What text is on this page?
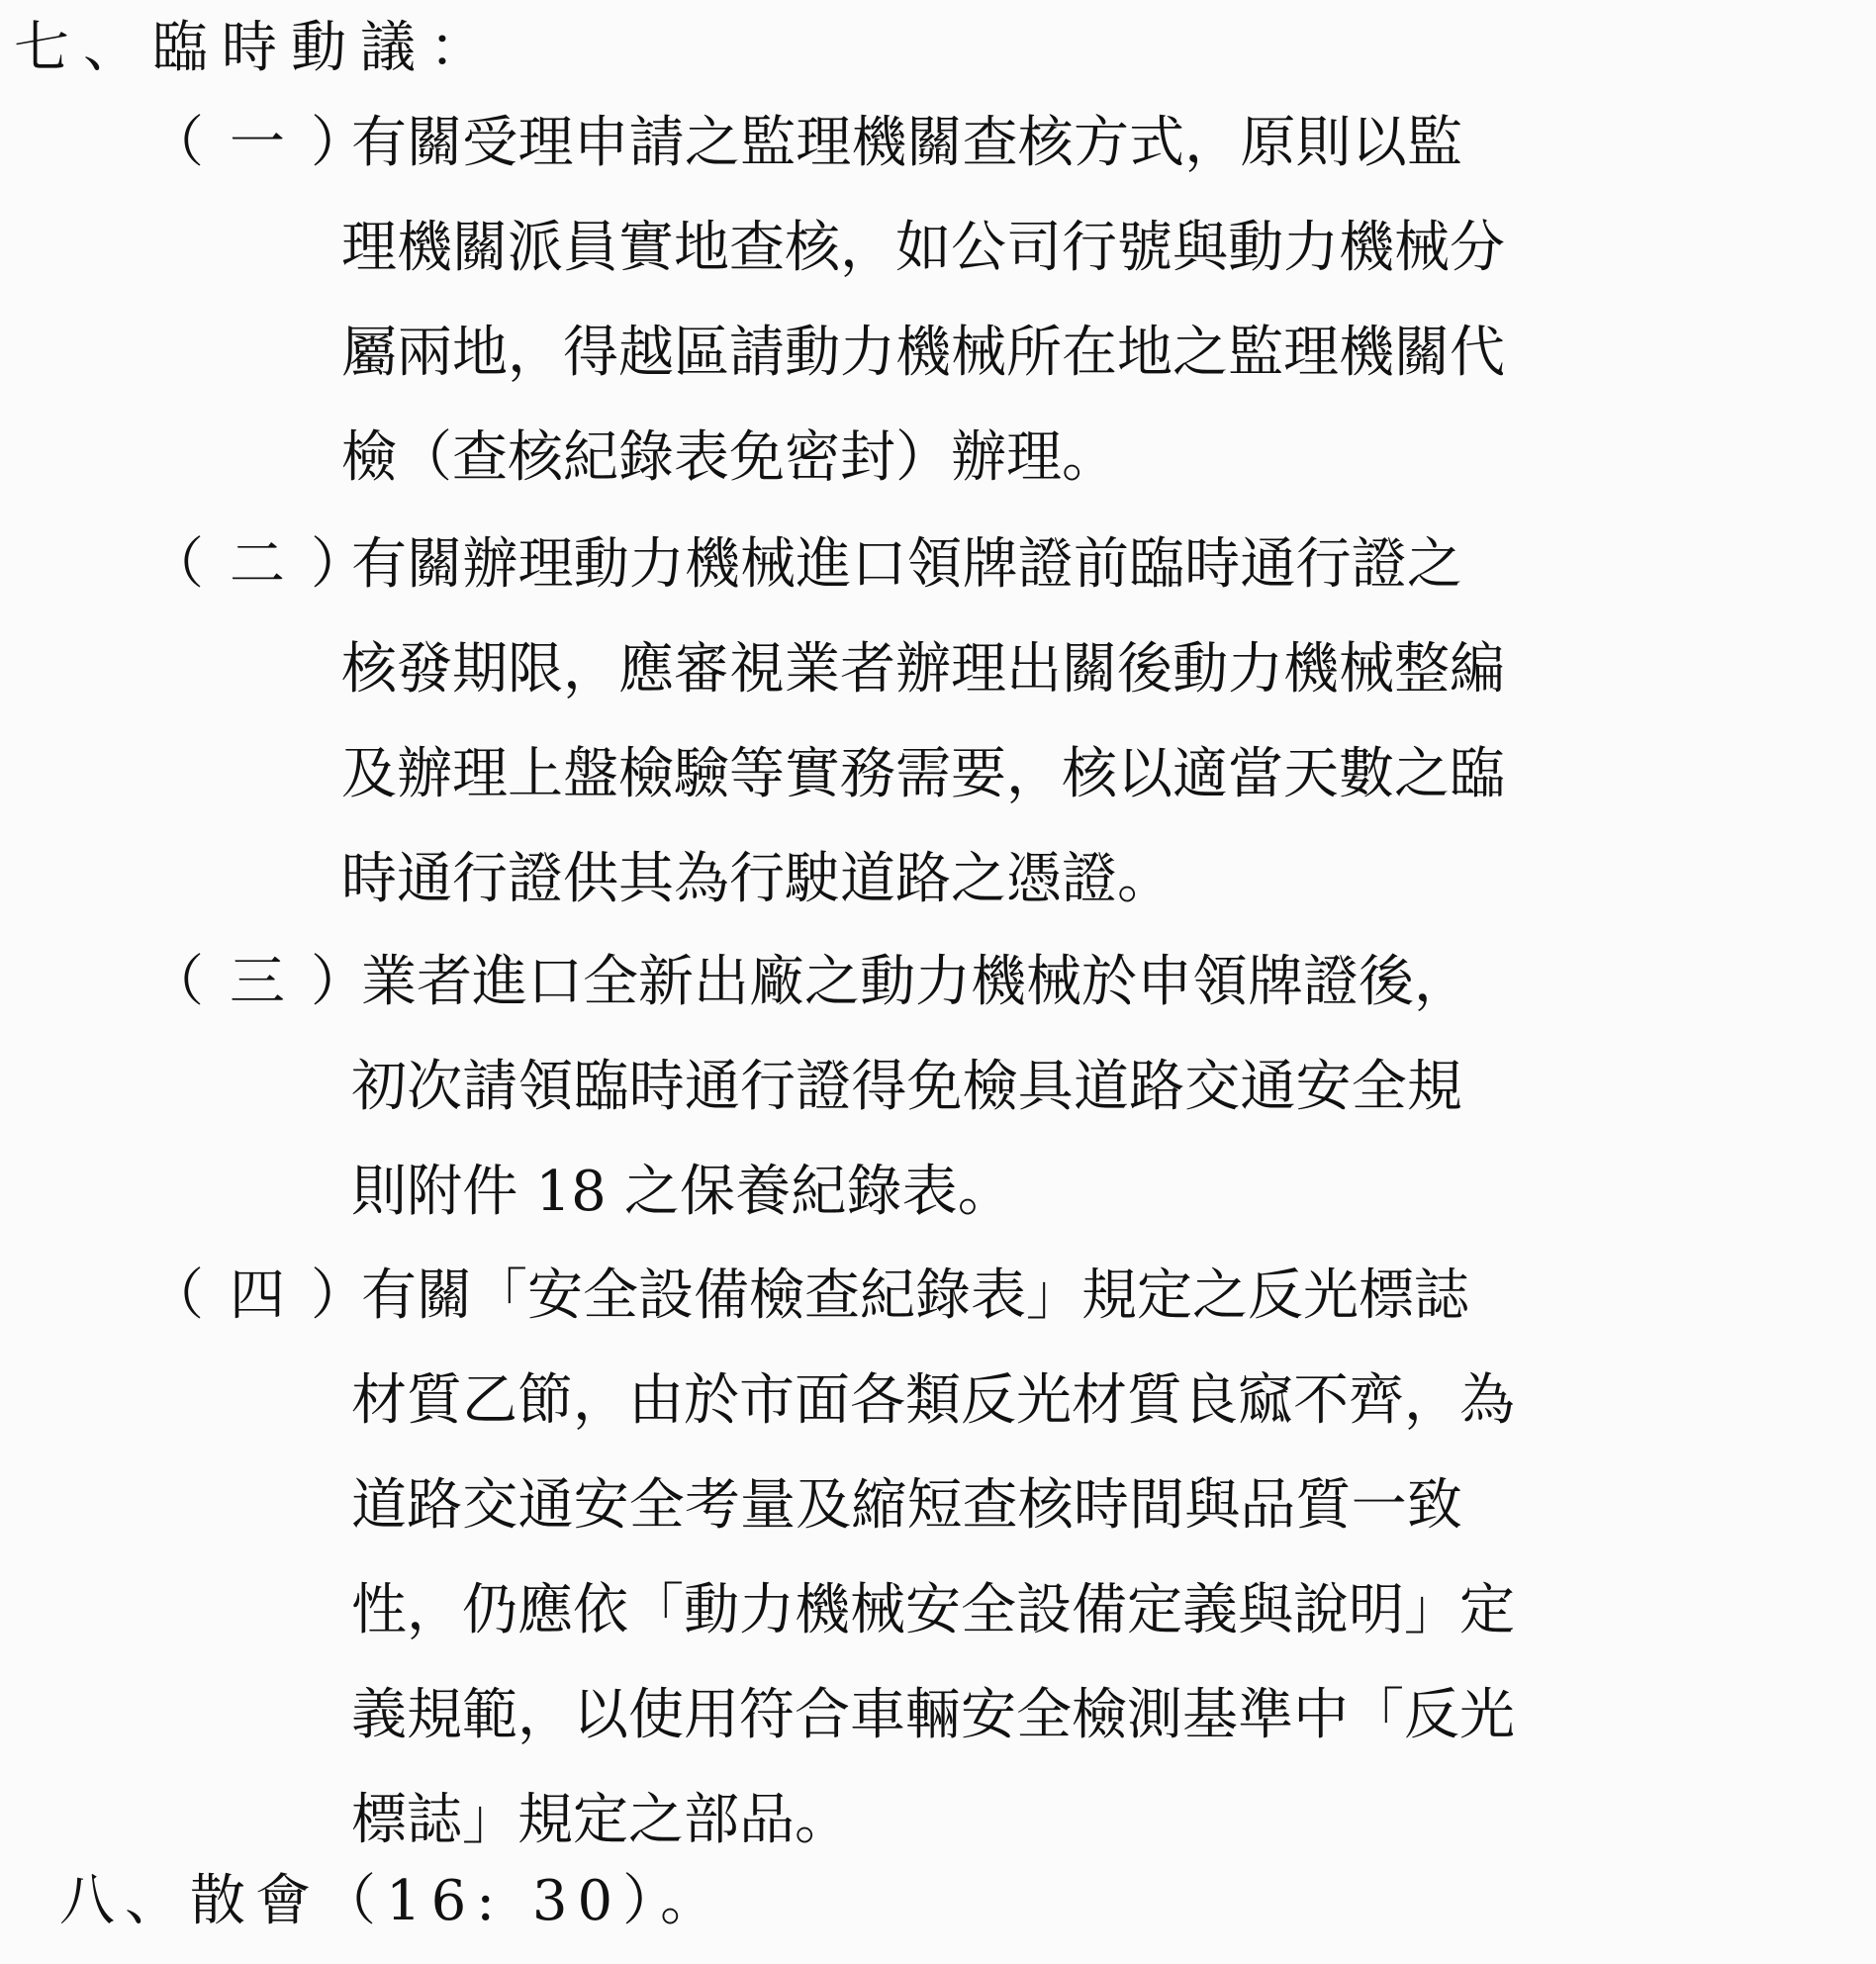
七、臨時動議：
（一）
有關受理申請之監理機關查核方式，原則以監
理機關派員實地查核，如公司行號與動力機械分
屬兩地，得越區請動力機械所在地之監理機關代
檢（查核紀錄表免密封）辦理。
（二）
有關辦理動力機械進口領牌證前臨時通行證之
核發期限，應審視業者辦理出關後動力機械整編
及辦理上盤檢驗等實務需要，核以適當天數之臨
時通行證供其為行駛道路之憑證。
（三）
業者進口全新出廠之動力機械於申領牌證後，
初次請領臨時通行證得免檢具道路交通安全規
則附件 18 之保養紀錄表。
（四）
有關「安全設備檢查紀錄表」規定之反光標誌
材質乙節，由於市面各類反光材質良窳不齊，為
道路交通安全考量及縮短查核時間與品質一致
性，仍應依「動力機械安全設備定義與說明」定
義規範，以使用符合車輛安全檢測基準中「反光
標誌」規定之部品。
八、散會（16: 30）。
